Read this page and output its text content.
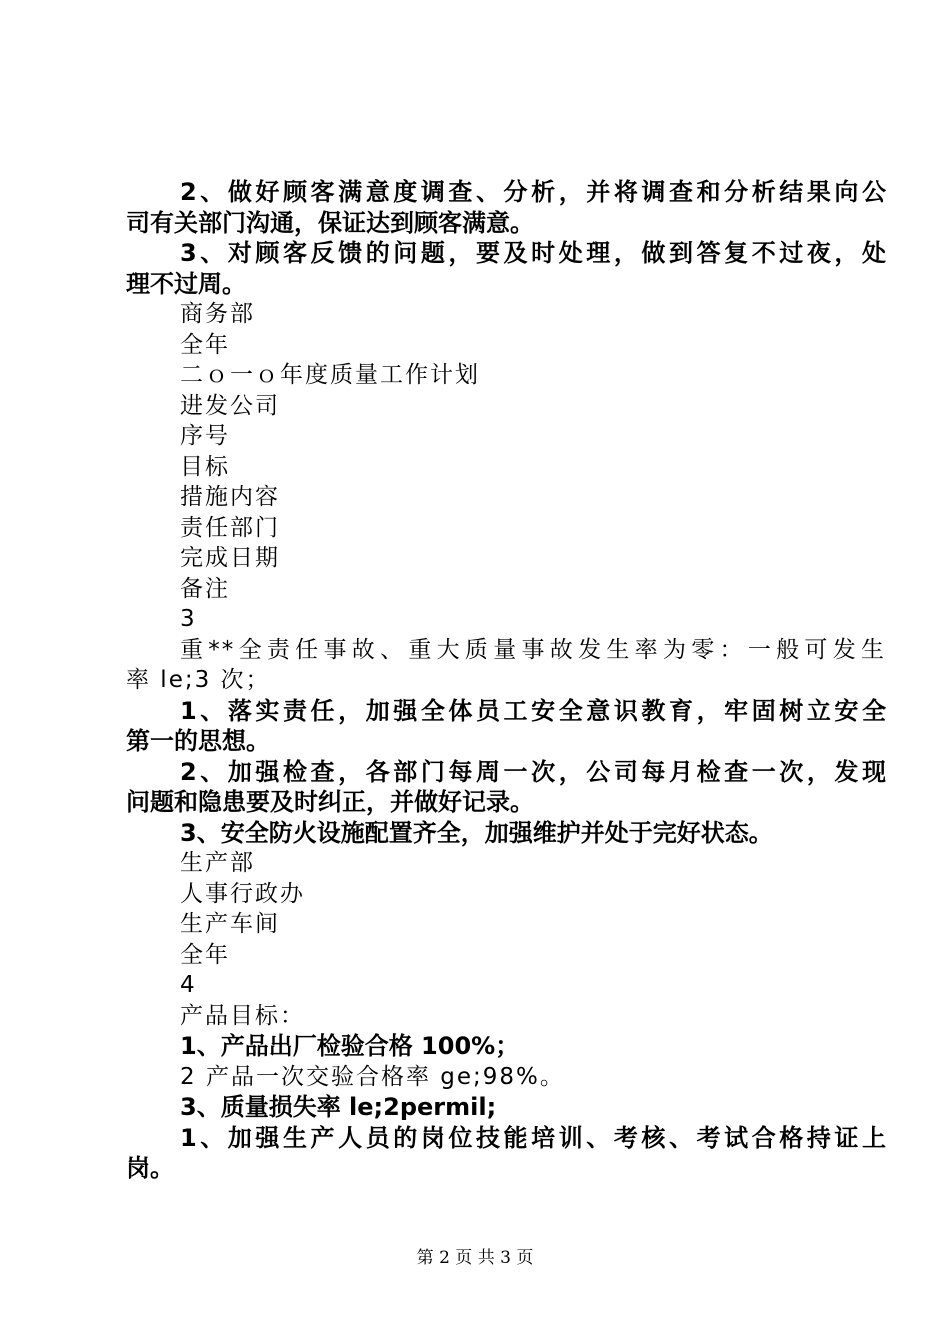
2、做好顾客满意度调查、分析，并将调查和分析结果向公

司有关部门沟通，保证达到顾客满意。

3、对顾客反馈的问题，要及时处理，做到答复不过夜，处

理不过周。

商务部

全年

二ｏ一ｏ年度质量工作计划

进发公司

序号

目标

措施内容

责任部门

完成日期

备注

3

重**全责任事故、重大质量事故发生率为零：一般可发生

率 le;3 次；

1、落实责任，加强全体员工安全意识教育，牢固树立安全

第一的思想。

2、加强检查，各部门每周一次，公司每月检查一次，发现

问题和隐患要及时纠正，并做好记录。

3、安全防火设施配置齐全，加强维护并处于完好状态。

生产部

人事行政办

生产车间

全年

4

产品目标：

1、产品出厂检验合格 100%；

2 产品一次交验合格率 ge;98%。

3、质量损失率 le;2permil;

1、加强生产人员的岗位技能培训、考核、考试合格持证上

岗。

第 2 页 共 3 页
